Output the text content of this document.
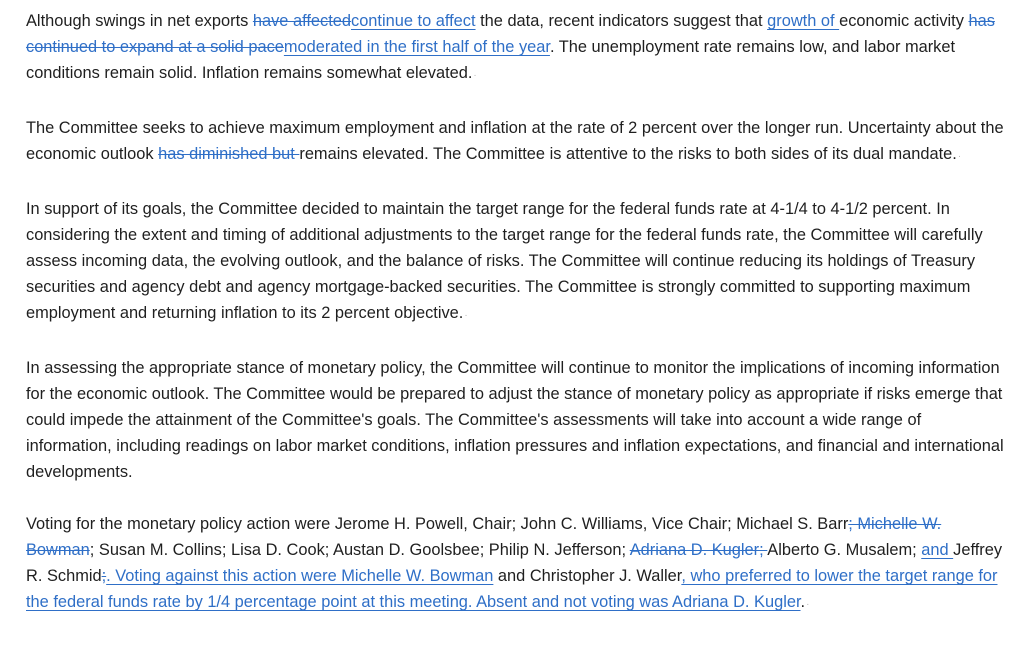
Although swings in net exports have affectedcontinue to affect the data, recent indicators suggest that growth of economic activity has continued to expand at a solid pacemoderated in the first half of the year. The unemployment rate remains low, and labor market conditions remain solid. Inflation remains somewhat elevated.·

The Committee seeks to achieve maximum employment and inflation at the rate of 2 percent over the longer run. Uncertainty about the economic outlook has diminished but remains elevated. The Committee is attentive to the risks to both sides of its dual mandate.·

In support of its goals, the Committee decided to maintain the target range for the federal funds rate at 4-1/4 to 4-1/2 percent. In considering the extent and timing of additional adjustments to the target range for the federal funds rate, the Committee will carefully assess incoming data, the evolving outlook, and the balance of risks. The Committee will continue reducing its holdings of Treasury securities and agency debt and agency mortgage-backed securities. The Committee is strongly committed to supporting maximum employment and returning inflation to its 2 percent objective.·

In assessing the appropriate stance of monetary policy, the Committee will continue to monitor the implications of incoming information for the economic outlook. The Committee would be prepared to adjust the stance of monetary policy as appropriate if risks emerge that could impede the attainment of the Committee's goals. The Committee's assessments will take into account a wide range of information, including readings on labor market conditions, inflation pressures and inflation expectations, and financial and international developments.

Voting for the monetary policy action were Jerome H. Powell, Chair; John C. Williams, Vice Chair; Michael S. Barr; Michelle W. Bowman; Susan M. Collins; Lisa D. Cook; Austan D. Goolsbee; Philip N. Jefferson; Adriana D. Kugler; Alberto G. Musalem; and Jeffrey R. Schmid;. Voting against this action were Michelle W. Bowman and Christopher J. Waller, who preferred to lower the target range for the federal funds rate by 1/4 percentage point at this meeting. Absent and not voting was Adriana D. Kugler.·
